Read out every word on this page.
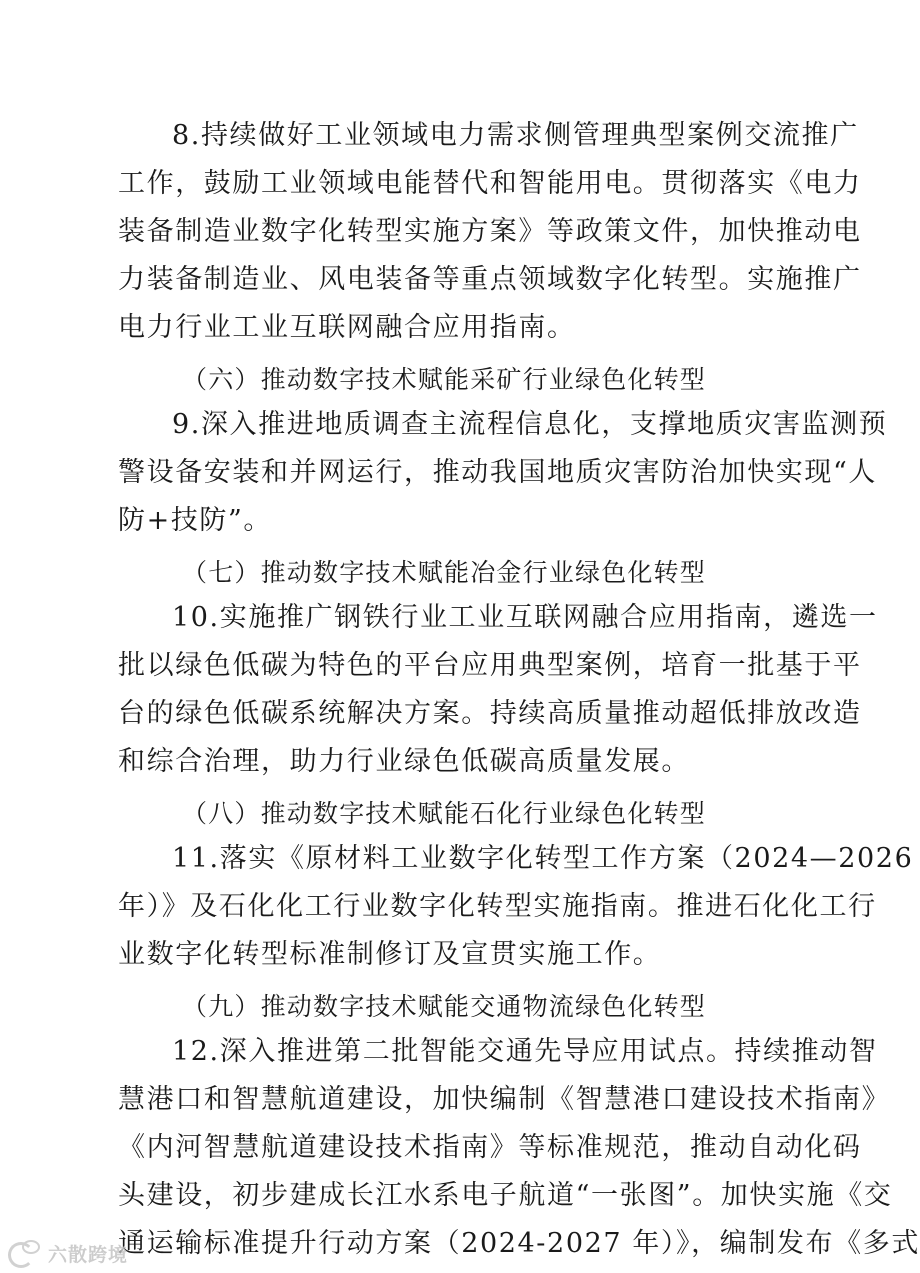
8.持续做好工业领域电力需求侧管理典型案例交流推广
工作，鼓励工业领域电能替代和智能用电。贯彻落实《电力
装备制造业数字化转型实施方案》等政策文件，加快推动电
力装备制造业、风电装备等重点领域数字化转型。实施推广
电力行业工业互联网融合应用指南。
（六）推动数字技术赋能采矿行业绿色化转型
9.深入推进地质调查主流程信息化，支撑地质灾害监测预
警设备安装和并网运行，推动我国地质灾害防治加快实现“人
防+技防”。
（七）推动数字技术赋能冶金行业绿色化转型
10.实施推广钢铁行业工业互联网融合应用指南，遴选一
批以绿色低碳为特色的平台应用典型案例，培育一批基于平
台的绿色低碳系统解决方案。持续高质量推动超低排放改造
和综合治理，助力行业绿色低碳高质量发展。
（八）推动数字技术赋能石化行业绿色化转型
11.落实《原材料工业数字化转型工作方案（2024—2026
年）》及石化化工行业数字化转型实施指南。推进石化化工行
业数字化转型标准制修订及宣贯实施工作。
（九）推动数字技术赋能交通物流绿色化转型
12.深入推进第二批智能交通先导应用试点。持续推动智
慧港口和智慧航道建设，加快编制《智慧港口建设技术指南》
《内河智慧航道建设技术指南》等标准规范，推动自动化码
头建设，初步建成长江水系电子航道“一张图”。加快实施《交
通运输标准提升行动方案（2024-2027 年）》，编制发布《多式
六散跨境
